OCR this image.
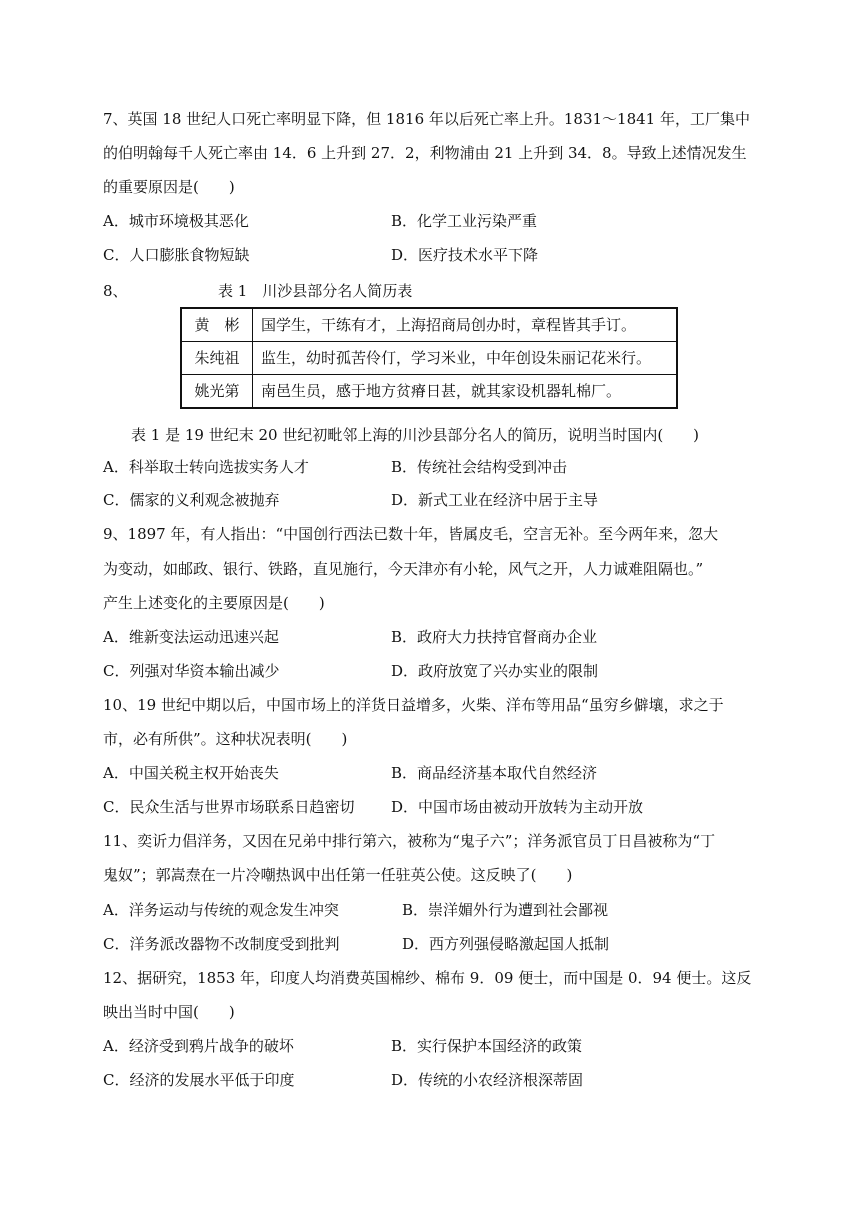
7、英国 18 世纪人口死亡率明显下降，但 1816 年以后死亡率上升。1831～1841 年，工厂集中
的伯明翰每千人死亡率由 14．6 上升到 27．2，利物浦由 21 上升到 34．8。导致上述情况发生
的重要原因是(　　)
A．城市环境极其恶化	B．化学工业污染严重
C．人口膨胀食物短缺	D．医疗技术水平下降
8、	表 1　川沙县部分名人简历表
黄　彬	国学生，干练有才，上海招商局创办时，章程皆其手订。
朱纯祖	监生，幼时孤苦伶仃，学习米业，中年创设朱丽记花米行。
姚光第	南邑生员，感于地方贫瘠日甚，就其家设机器轧棉厂。
表 1 是 19 世纪末 20 世纪初毗邻上海的川沙县部分名人的简历，说明当时国内(　　)
A．科举取士转向选拔实务人才	B．传统社会结构受到冲击
C．儒家的义利观念被抛弃	D．新式工业在经济中居于主导
9、1897 年，有人指出：“中国创行西法已数十年，皆属皮毛，空言无补。至今两年来，忽大
为变动，如邮政、银行、铁路，直见施行，今天津亦有小轮，风气之开，人力诚难阻隔也。”
产生上述变化的主要原因是(　　)
A．维新变法运动迅速兴起	B．政府大力扶持官督商办企业
C．列强对华资本输出减少	D．政府放宽了兴办实业的限制
10、19 世纪中期以后，中国市场上的洋货日益增多，火柴、洋布等用品“虽穷乡僻壤，求之于
市，必有所供”。这种状况表明(　　)
A．中国关税主权开始丧失	B．商品经济基本取代自然经济
C．民众生活与世界市场联系日趋密切 D．中国市场由被动开放转为主动开放
11、奕䜣力倡洋务，又因在兄弟中排行第六，被称为“鬼子六”；洋务派官员丁日昌被称为“丁
鬼奴”；郭嵩焘在一片冷嘲热讽中出任第一任驻英公使。这反映了(　　)
A．洋务运动与传统的观念发生冲突	B．崇洋媚外行为遭到社会鄙视
C．洋务派改器物不改制度受到批判	D．西方列强侵略激起国人抵制
12、据研究，1853 年，印度人均消费英国棉纱、棉布 9．09 便士，而中国是 0．94 便士。这反
映出当时中国(　　)
A．经济受到鸦片战争的破坏	B．实行保护本国经济的政策
C．经济的发展水平低于印度	D．传统的小农经济根深蒂固
